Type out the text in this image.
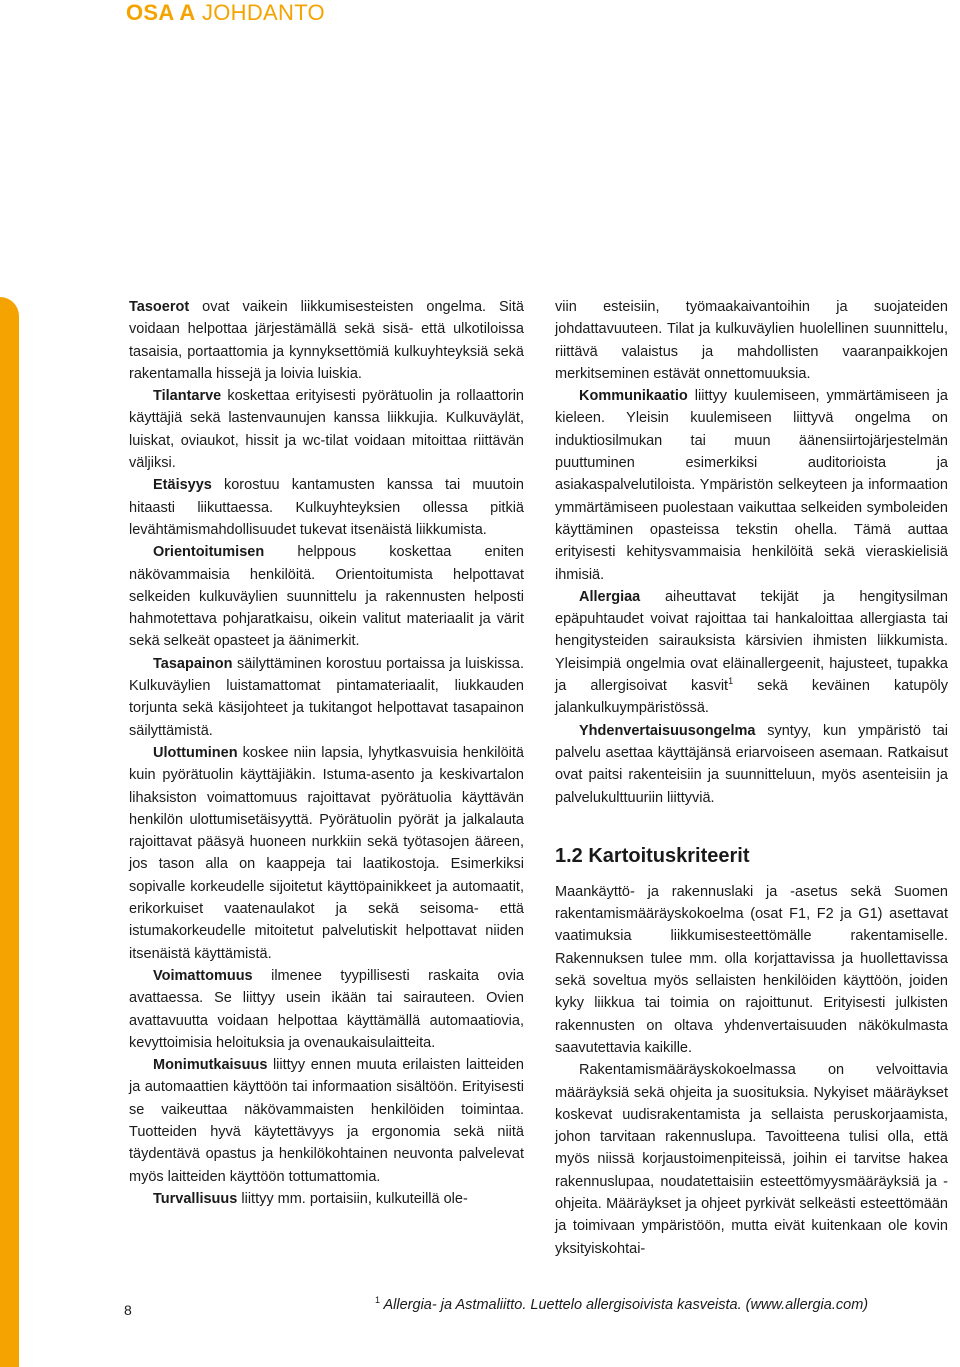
OSA A JOHDANTO

Tasoerot ovat vaikein liikkumisesteisten ongelma. Sitä voidaan helpottaa järjestämällä sekä sisä- että ulkotiloissa tasaisia, portaattomia ja kynnyksettömiä kulkuyhteyksiä sekä rakentamalla hissejä ja loivia luiskia.

Tilantarve koskettaa erityisesti pyörätuolin ja rollaattorin käyttäjiä sekä lastenvaunujen kanssa liikkujia. Kulkuväylät, luiskat, oviaukot, hissit ja wc-tilat voidaan mitoittaa riittävän väljiksi.

Etäisyys korostuu kantamusten kanssa tai muutoin hitaasti liikuttaessa. Kulkuyhteyksien ollessa pitkiä levähtämismahdollisuudet tukevat itsenäistä liikkumista.

Orientoitumisen helppous koskettaa eniten näkövammaisia henkilöitä. Orientoitumista helpottavat selkeiden kulkuväylien suunnittelu ja rakennusten helposti hahmotettava pohjaratkaisu, oikein valitut materiaalit ja värit sekä selkeät opasteet ja äänimerkit.

Tasapainon säilyttäminen korostuu portaissa ja luiskissa. Kulkuväylien luistamattomat pintamateriaalit, liukkauden torjunta sekä käsijohteet ja tukitangot helpottavat tasapainon säilyttämistä.

Ulottuminen koskee niin lapsia, lyhytkasvuisia henkilöitä kuin pyörätuolin käyttäjiäkin. Istuma-asento ja keskivartalon lihaksiston voimattomuus rajoittavat pyörätuolia käyttävän henkilön ulottumisetäisyyttä. Pyörätuolin pyörät ja jalkalauta rajoittavat pääsyä huoneen nurkkiin sekä työtasojen ääreen, jos tason alla on kaappeja tai laatikostoja. Esimerkiksi sopivalle korkeudelle sijoitetut käyttöpainikkeet ja automaatit, erikorkuiset vaatenaulakot ja sekä seisoma- että istumakorkeudelle mitoitetut palvelutiskit helpottavat niiden itsenäistä käyttämistä.

Voimattomuus ilmenee tyypillisesti raskaita ovia avattaessa. Se liittyy usein ikään tai sairauteen. Ovien avattavuutta voidaan helpottaa käyttämällä automaatiovia, kevyttoimisia heloituksia ja ovenaukaisulaitteita.

Monimutkaisuus liittyy ennen muuta erilaisten laitteiden ja automaattien käyttöön tai informaation sisältöön. Erityisesti se vaikeuttaa näkövammaisten henkilöiden toimintaa. Tuotteiden hyvä käytettävyys ja ergonomia sekä niitä täydentävä opastus ja henkilökohtainen neuvonta palvelevat myös laitteiden käyttöön tottumattomia.

Turvallisuus liittyy mm. portaisiin, kulkuteillä ole-

viin esteisiin, työmaakaivantoihin ja suojateiden johdattavuuteen. Tilat ja kulkuväylien huolellinen suunnittelu, riittävä valaistus ja mahdollisten vaaranpaikkojen merkitseminen estävät onnettomuuksia.

Kommunikaatio liittyy kuulemiseen, ymmärtämiseen ja kieleen. Yleisin kuulemiseen liittyvä ongelma on induktiosilmukan tai muun äänensiirtojärjestelmän puuttuminen esimerkiksi auditorioista ja asiakaspalvelutiloista. Ympäristön selkeyteen ja informaation ymmärtämiseen puolestaan vaikuttaa selkeiden symboleiden käyttäminen opasteissa tekstin ohella. Tämä auttaa erityisesti kehitysvammaisia henkilöitä sekä vieraskielisiä ihmisiä.

Allergiaa aiheuttavat tekijät ja hengitysilman epäpuhtaudet voivat rajoittaa tai hankaloittaa allergiasta tai hengitysteiden sairauksista kärsivien ihmisten liikkumista. Yleisimpiä ongelmia ovat eläinallergeenit, hajusteet, tupakka ja allergisoivat kasvit$^1$ sekä keväinen katupöly jalankulkuympäristössä.

Yhdenvertaisuusongelma syntyy, kun ympäristö tai palvelu asettaa käyttäjänsä eriarvoiseen asemaan. Ratkaisut ovat paitsi rakenteisiin ja suunnitteluun, myös asenteisiin ja palvelukulttuuriin liittyviä.

1.2 Kartoituskriteerit

Maankäyttö- ja rakennuslaki ja -asetus sekä Suomen rakentamismääräyskokoelma (osat F1, F2 ja G1) asettavat vaatimuksia liikkumisesteettömälle rakentamiselle. Rakennuksen tulee mm. olla korjattavissa ja huollettavissa sekä soveltua myös sellaisten henkilöiden käyttöön, joiden kyky liikkua tai toimia on rajoittunut. Erityisesti julkisten rakennusten on oltava yhdenvertaisuuden näkökulmasta saavutettavia kaikille.

Rakentamismääräyskokoelmassa on velvoittavia määräyksiä sekä ohjeita ja suosituksia. Nykyiset määräykset koskevat uudisrakentamista ja sellaista peruskorjaamista, johon tarvitaan rakennuslupa. Tavoitteena tulisi olla, että myös niissä korjaustoimenpiteissä, joihin ei tarvitse hakea rakennuslupaa, noudatettaisiin esteettömyysmääräyksiä ja -ohjeita. Määräykset ja ohjeet pyrkivät selkeästi esteettömään ja toimivaan ympäristöön, mutta eivät kuitenkaan ole kovin yksityiskohtai-

8
$^1$ Allergia- ja Astmaliitto. Luettelo allergisoivista kasveista. (www.allergia.com)
